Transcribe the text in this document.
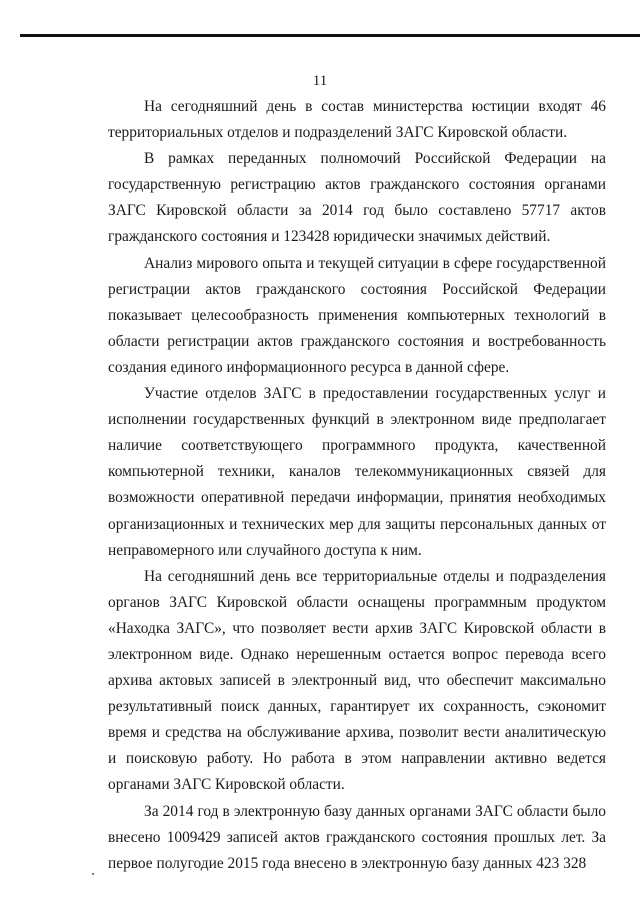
11

На сегодняшний день в состав министерства юстиции входят 46 территориальных отделов и подразделений ЗАГС Кировской области.

В рамках переданных полномочий Российской Федерации на государственную регистрацию актов гражданского состояния органами ЗАГС Кировской области за 2014 год было составлено 57717 актов гражданского состояния и 123428 юридически значимых действий.

Анализ мирового опыта и текущей ситуации в сфере государственной регистрации актов гражданского состояния Российской Федерации показывает целесообразность применения компьютерных технологий в области регистрации актов гражданского состояния и востребованность создания единого информационного ресурса в данной сфере.

Участие отделов ЗАГС в предоставлении государственных услуг и исполнении государственных функций в электронном виде предполагает наличие соответствующего программного продукта, качественной компьютерной техники, каналов телекоммуникационных связей для возможности оперативной передачи информации, принятия необходимых организационных и технических мер для защиты персональных данных от неправомерного или случайного доступа к ним.

На сегодняшний день все территориальные отделы и подразделения органов ЗАГС Кировской области оснащены программным продуктом «Находка ЗАГС», что позволяет вести архив ЗАГС Кировской области в электронном виде. Однако нерешенным остается вопрос перевода всего архива актовых записей в электронный вид, что обеспечит максимально результативный поиск данных, гарантирует их сохранность, сэкономит время и средства на обслуживание архива, позволит вести аналитическую и поисковую работу. Но работа в этом направлении активно ведется органами ЗАГС Кировской области.

За 2014 год в электронную базу данных органами ЗАГС области было внесено 1009429 записей актов гражданского состояния прошлых лет. За первое полугодие 2015 года внесено в электронную базу данных 423 328
